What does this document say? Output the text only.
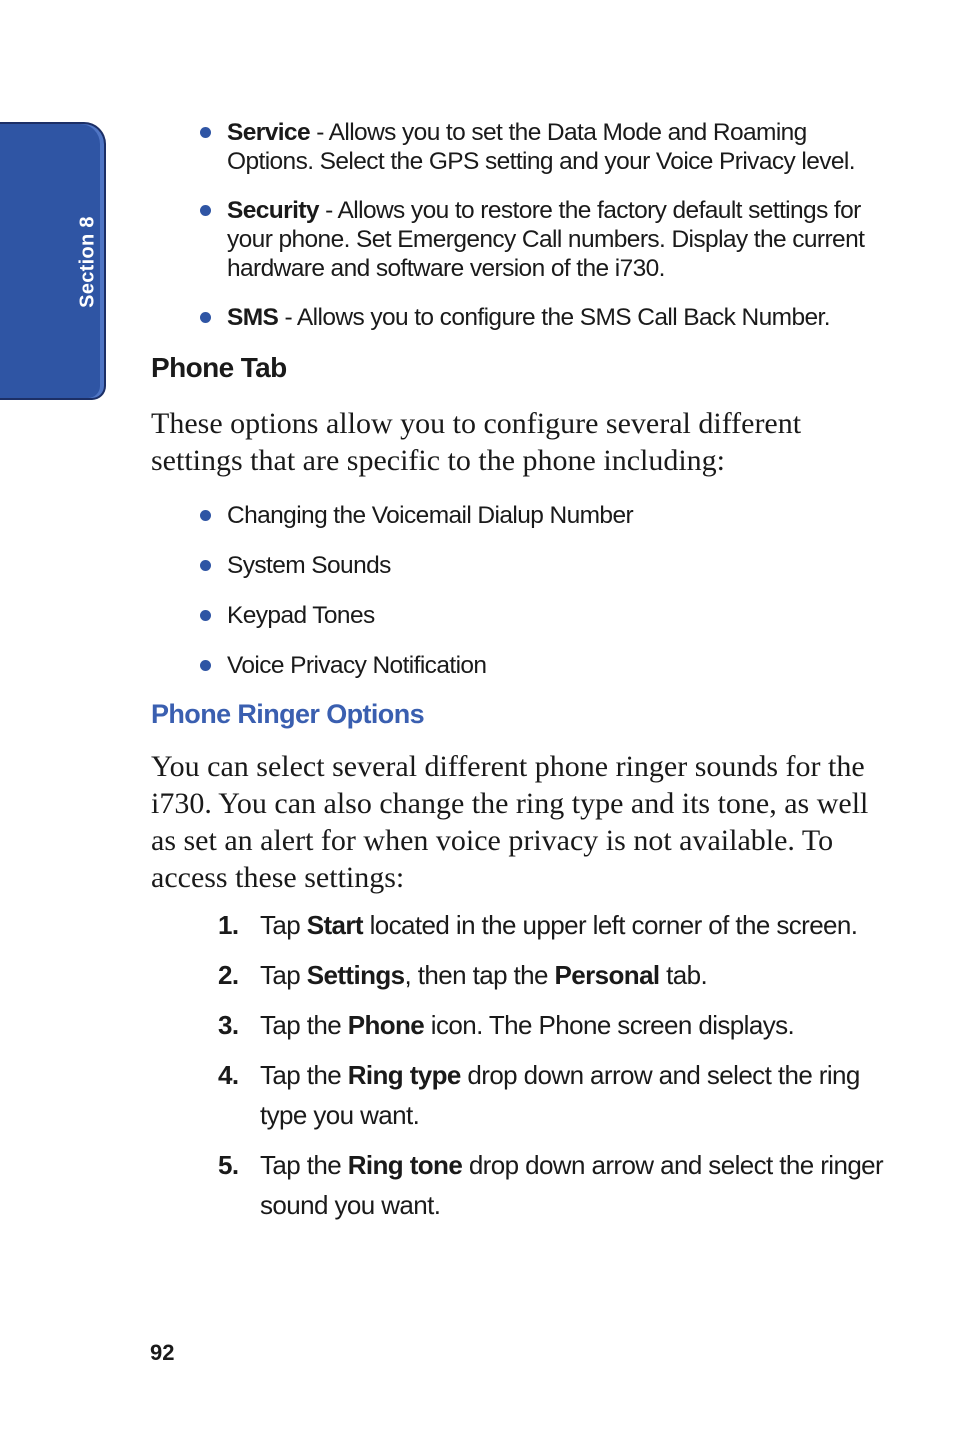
Section 8
Service - Allows you to set the Data Mode and Roaming Options. Select the GPS setting and your Voice Privacy level.
Security - Allows you to restore the factory default settings for your phone. Set Emergency Call numbers. Display the current hardware and software version of the i730.
SMS - Allows you to configure the SMS Call Back Number.
Phone Tab

These options allow you to configure several different settings that are specific to the phone including:

Changing the Voicemail Dialup Number
System Sounds
Keypad Tones
Voice Privacy Notification
Phone Ringer Options

You can select several different phone ringer sounds for the i730. You can also change the ring type and its tone, as well as set an alert for when voice privacy is not available. To access these settings:

1. Tap Start located in the upper left corner of the screen.
2. Tap Settings, then tap the Personal tab.
3. Tap the Phone icon. The Phone screen displays.
4. Tap the Ring type drop down arrow and select the ring type you want.
5. Tap the Ring tone drop down arrow and select the ringer sound you want.
92
